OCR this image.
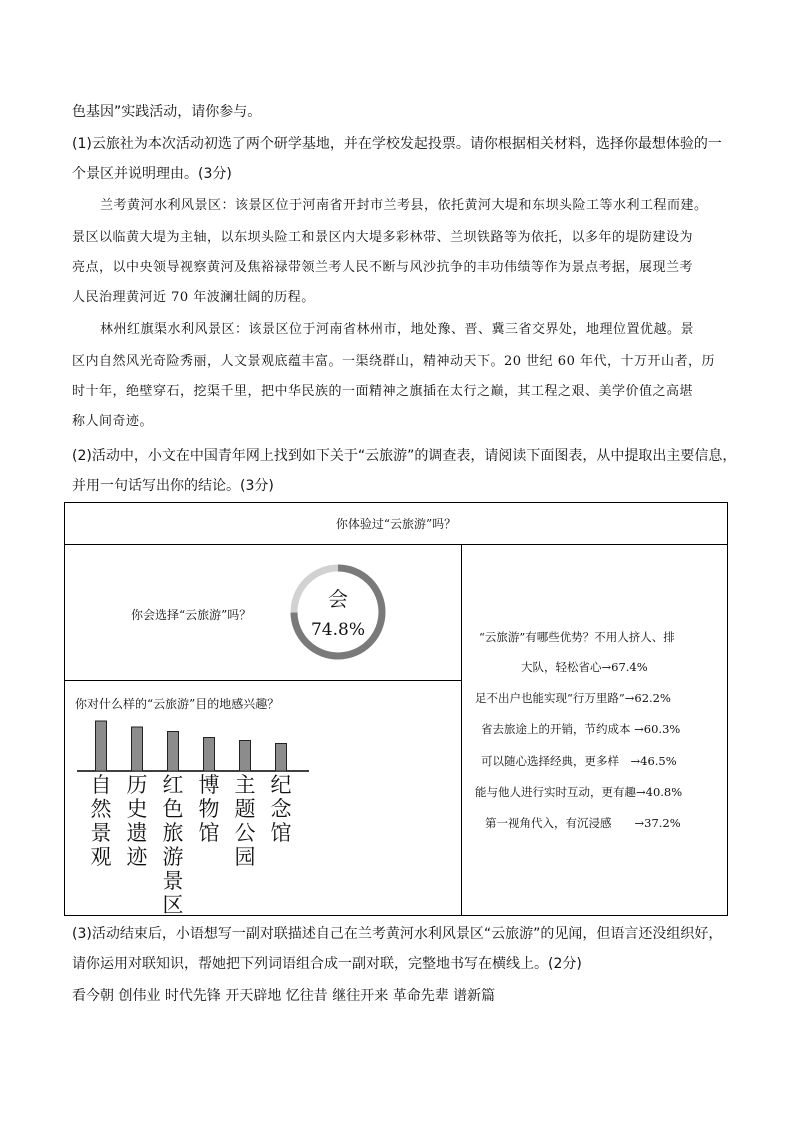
色基因”实践活动，请你参与。
(1)云旅社为本次活动初选了两个研学基地，并在学校发起投票。请你根据相关材料，选择你最想体验的一
个景区并说明理由。(3分)
兰考黄河水利风景区：该景区位于河南省开封市兰考县，依托黄河大堤和东坝头险工等水利工程而建。
景区以临黄大堤为主轴，以东坝头险工和景区内大堤多彩林带、兰坝铁路等为依托，以多年的堤防建设为
亮点，以中央领导视察黄河及焦裕禄带领兰考人民不断与风沙抗争的丰功伟绩等作为景点考据，展现兰考
人民治理黄河近 70 年波澜壮阔的历程。
林州红旗渠水利风景区：该景区位于河南省林州市，地处豫、晋、冀三省交界处，地理位置优越。景
区内自然风光奇险秀丽，人文景观底蕴丰富。一渠绕群山，精神动天下。20 世纪 60 年代，十万开山者，历
时十年，绝壁穿石，挖渠千里，把中华民族的一面精神之旗插在太行之巅，其工程之艰、美学价值之高堪
称人间奇迹。
(2)活动中，小文在中国青年网上找到如下关于“云旅游”的调查表，请阅读下面图表，从中提取出主要信息，
并用一句话写出你的结论。(3分)
你体验过“云旅游”吗？
你会选择“云旅游”吗？
会
74.8%
你对什么样的“云旅游”目的地感兴趣？
自然景观
历史遗迹
红色旅游景区
博物馆
主题公园
纪念馆
“云旅游”有哪些优势？不用人挤人、排
大队，轻松省心→67.4%
足不出户也能实现“行万里路”→62.2%
省去旅途上的开销，节约成本 →60.3%
可以随心选择经典，更多样　→46.5%
能与他人进行实时互动，更有趣→40.8%
第一视角代入，有沉浸感　　→37.2%
(3)活动结束后，小语想写一副对联描述自己在兰考黄河水利风景区“云旅游”的见闻，但语言还没组织好，
请你运用对联知识，帮她把下列词语组合成一副对联，完整地书写在横线上。(2分)
看今朝 创伟业 时代先锋 开天辟地 忆往昔 继往开来 革命先辈 谱新篇
